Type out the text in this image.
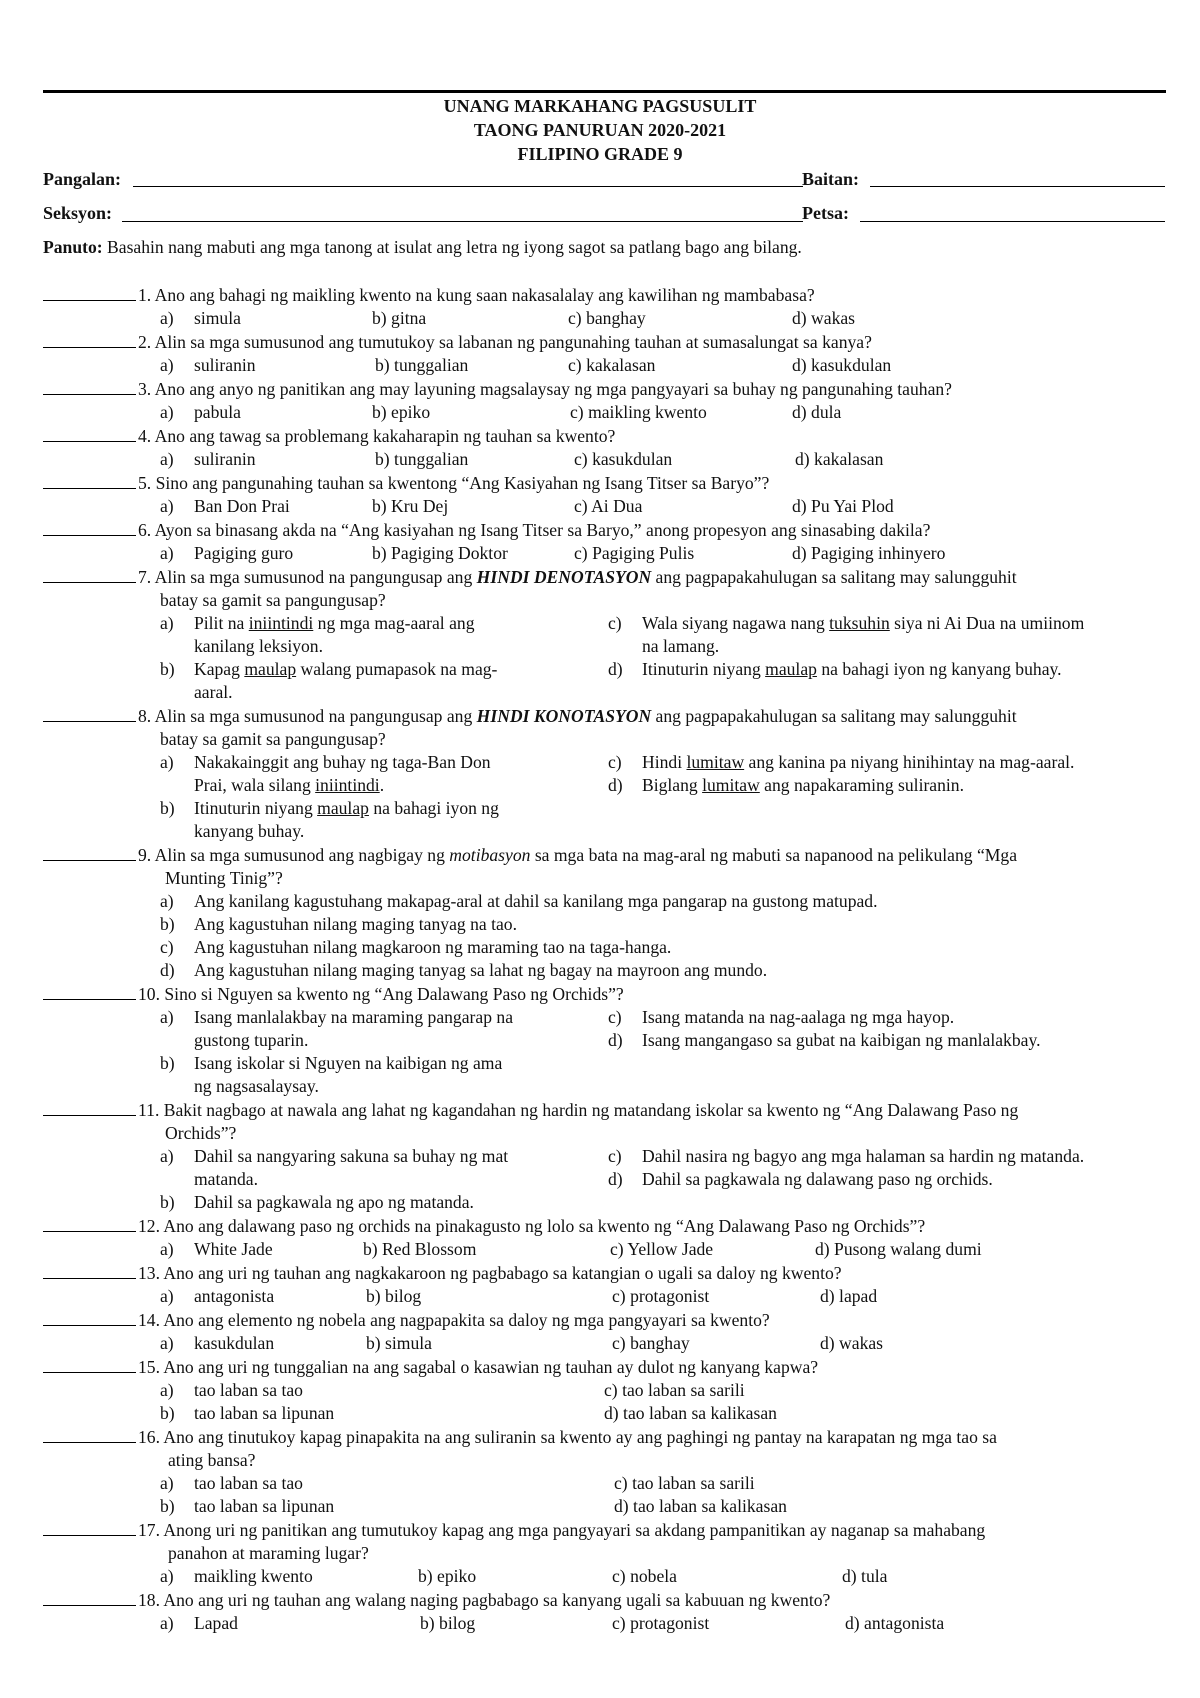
UNANG MARKAHANG PAGSUSULIT
TAONG PANURUAN 2020-2021
FILIPINO GRADE 9
Pangalan:	Baitan:
Seksyon:	Petsa:
Panuto: Basahin nang mabuti ang mga tanong at isulat ang letra ng iyong sagot sa patlang bago ang bilang.
1. Ano ang bahagi ng maikling kwento na kung saan nakasalalay ang kawilihan ng mambabasa?
a) simula	b) gitna	c) banghay	d) wakas
2. Alin sa mga sumusunod ang tumutukoy sa labanan ng pangunahing tauhan at sumasalungat sa kanya?
a) suliranin	b) tunggalian	c) kakalasan	d) kasukdulan
3. Ano ang anyo ng panitikan ang may layuning magsalaysay ng mga pangyayari sa buhay ng pangunahing tauhan?
a) pabula	b) epiko	c) maikling kwento	d) dula
4. Ano ang tawag sa problemang kakaharapin ng tauhan sa kwento?
a) suliranin	b) tunggalian	c) kasukdulan	d) kakalasan
5. Sino ang pangunahing tauhan sa kwentong “Ang Kasiyahan ng Isang Titser sa Baryo”?
a) Ban Don Prai	b) Kru Dej	c) Ai Dua	d) Pu Yai Plod
6. Ayon sa binasang akda na “Ang kasiyahan ng Isang Titser sa Baryo,” anong propesyon ang sinasabing dakila?
a) Pagiging guro	b) Pagiging Doktor	c) Pagiging Pulis	d) Pagiging inhinyero
7. Alin sa mga sumusunod na pangungusap ang HINDI DENOTASYON ang pagpapakahulugan sa salitang may salungguhit
batay sa gamit sa pangungusap?
a) Pilit na iniintindi ng mga mag-aaral ang
kanilang leksiyon.
b) Kapag maulap walang pumapasok na mag-
aaral.
c) Wala siyang nagawa nang tuksuhin siya ni Ai Dua na umiinom
na lamang.
d) Itinuturin niyang maulap na bahagi iyon ng kanyang buhay.
8. Alin sa mga sumusunod na pangungusap ang HINDI KONOTASYON ang pagpapakahulugan sa salitang may salungguhit
batay sa gamit sa pangungusap?
a) Nakakainggit ang buhay ng taga-Ban Don
Prai, wala silang iniintindi.
b) Itinuturin niyang maulap na bahagi iyon ng
kanyang buhay.
c) Hindi lumitaw ang kanina pa niyang hinihintay na mag-aaral.
d) Biglang lumitaw ang napakaraming suliranin.
9. Alin sa mga sumusunod ang nagbigay ng motibasyon sa mga bata na mag-aral ng mabuti sa napanood na pelikulang “Mga
Munting Tinig”?
a) Ang kanilang kagustuhang makapag-aral at dahil sa kanilang mga pangarap na gustong matupad.
b) Ang kagustuhan nilang maging tanyag na tao.
c) Ang kagustuhan nilang magkaroon ng maraming tao na taga-hanga.
d) Ang kagustuhan nilang maging tanyag sa lahat ng bagay na mayroon ang mundo.
10. Sino si Nguyen sa kwento ng “Ang Dalawang Paso ng Orchids”?
a) Isang manlalakbay na maraming pangarap na
gustong tuparin.
b) Isang iskolar si Nguyen na kaibigan ng ama
ng nagsasalaysay.
c) Isang matanda na nag-aalaga ng mga hayop.
d) Isang mangangaso sa gubat na kaibigan ng manlalakbay.
11. Bakit nagbago at nawala ang lahat ng kagandahan ng hardin ng matandang iskolar sa kwento ng “Ang Dalawang Paso ng
Orchids”?
a) Dahil sa nangyaring sakuna sa buhay ng mat
matanda.
b) Dahil sa pagkawala ng apo ng matanda.
c) Dahil nasira ng bagyo ang mga halaman sa hardin ng matanda.
d) Dahil sa pagkawala ng dalawang paso ng orchids.
12. Ano ang dalawang paso ng orchids na pinakagusto ng lolo sa kwento ng “Ang Dalawang Paso ng Orchids”?
a) White Jade	b) Red Blossom	c) Yellow Jade	d) Pusong walang dumi
13. Ano ang uri ng tauhan ang nagkakaroon ng pagbabago sa katangian o ugali sa daloy ng kwento?
a) antagonista	b) bilog	c) protagonist	d) lapad
14. Ano ang elemento ng nobela ang nagpapakita sa daloy ng mga pangyayari sa kwento?
a) kasukdulan	b) simula	c) banghay	d) wakas
15. Ano ang uri ng tunggalian na ang sagabal o kasawian ng tauhan ay dulot ng kanyang kapwa?
a) tao laban sa tao
b) tao laban sa lipunan
c) tao laban sa sarili
d) tao laban sa kalikasan
16. Ano ang tinutukoy kapag pinapakita na ang suliranin sa kwento ay ang paghingi ng pantay na karapatan ng mga tao sa
ating bansa?
a) tao laban sa tao
b) tao laban sa lipunan
c) tao laban sa sarili
d) tao laban sa kalikasan
17. Anong uri ng panitikan ang tumutukoy kapag ang mga pangyayari sa akdang pampanitikan ay naganap sa mahabang
panahon at maraming lugar?
a) maikling kwento	b) epiko	c) nobela	d) tula
18. Ano ang uri ng tauhan ang walang naging pagbabago sa kanyang ugali sa kabuuan ng kwento?
a) Lapad	b) bilog	c) protagonist	d) antagonista
